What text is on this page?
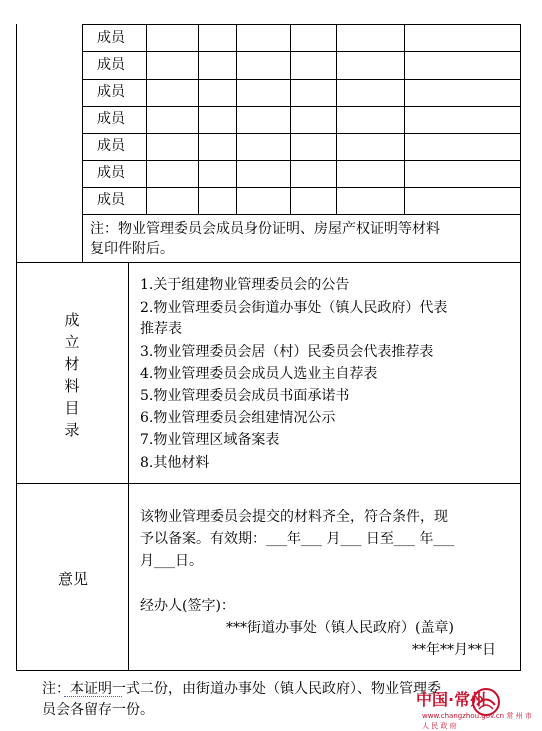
成员
成员
成员
成员
成员
成员
成员
注：物业管理委员会成员身份证明、房屋产权证明等材料
复印件附后。
成
立
材
料
目
录
1.关于组建物业管理委员会的公告
2.物业管理委员会街道办事处（镇人民政府）代表
推荐表
3.物业管理委员会居（村）民委员会代表推荐表
4.物业管理委员会成员人选业主自荐表
5.物业管理委员会成员书面承诺书
6.物业管理委员会组建情况公示
7.物业管理区域备案表
8.其他材料
意见
该物业管理委员会提交的材料齐全，符合条件，现
予以备案。有效期：___年___ 月___ 日至___ 年___
月___日。
经办人(签字)：
***街道办事处（镇人民政府）(盖章)
**年**月**日
注：本证明一式二份，由街道办事处（镇人民政府）、物业管理委
员会各留存一份。
中国·常州
www.changzhou.gov.cn 常 州 市 人 民 政 府
